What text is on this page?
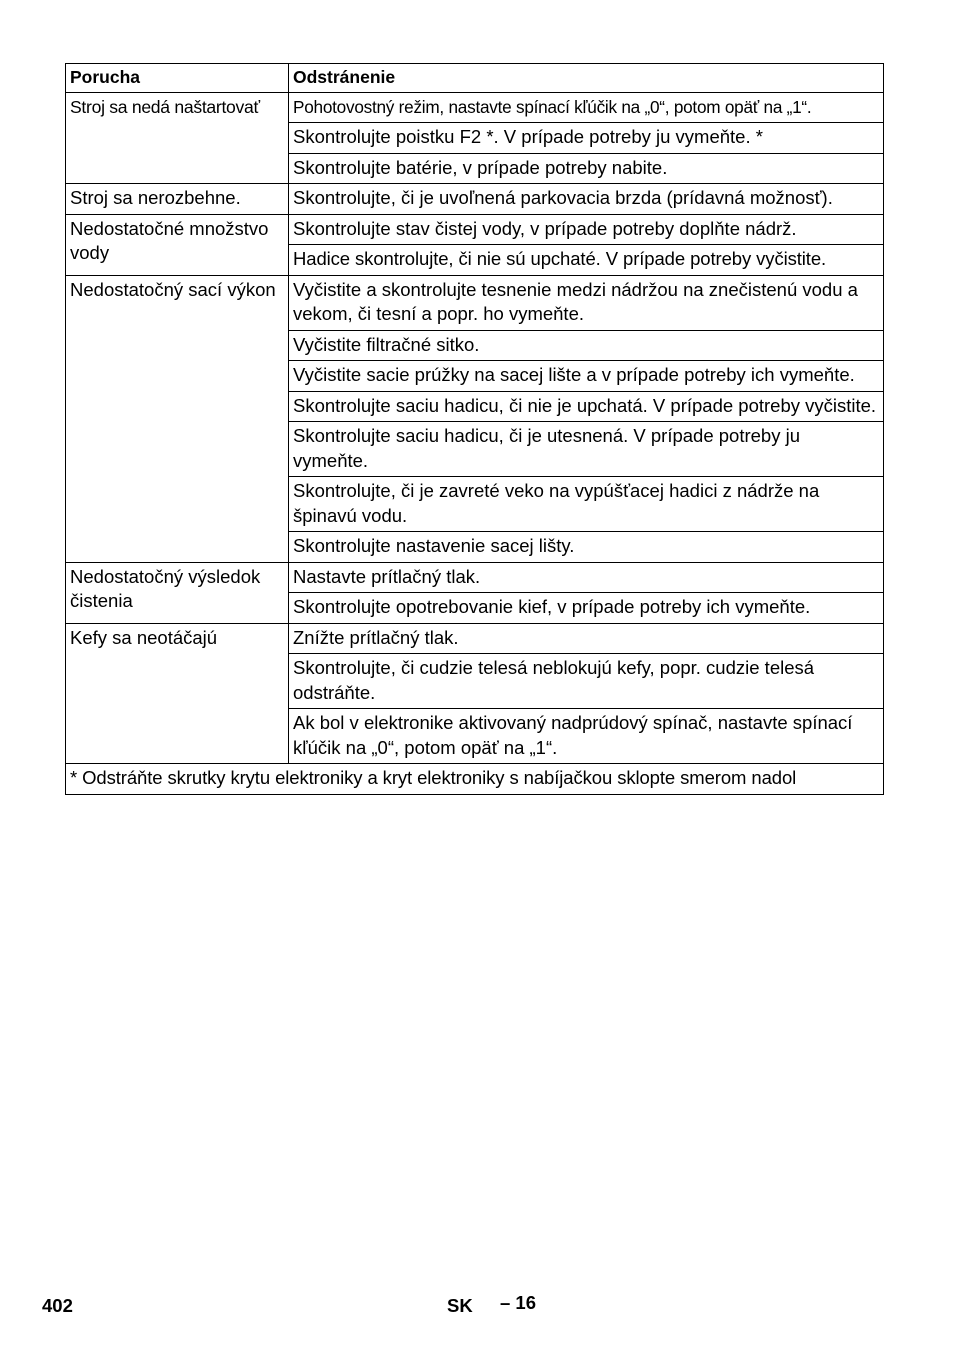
Porucha	Odstránenie
Stroj sa nedá naštartovať	Pohotovostný režim, nastavte spínací kľúčik na „0“, potom opäť na „1“.
	Skontrolujte poistku F2 *. V prípade potreby ju vymeňte. *
	Skontrolujte batérie, v prípade potreby nabite.
Stroj sa nerozbehne.	Skontrolujte, či je uvoľnená parkovacia brzda (prídavná možnosť).
Nedostatočné množstvo vody	Skontrolujte stav čistej vody, v prípade potreby doplňte nádrž.
	Hadice skontrolujte, či nie sú upchaté. V prípade potreby vyčistite.
Nedostatočný sací výkon	Vyčistite a skontrolujte tesnenie medzi nádržou na znečistenú vodu a vekom, či tesní a popr. ho vymeňte.
	Vyčistite filtračné sitko.
	Vyčistite sacie prúžky na sacej lište a v prípade potreby ich vymeňte.
	Skontrolujte saciu hadicu, či nie je upchatá. V prípade potreby vyčistite.
	Skontrolujte saciu hadicu, či je utesnená. V prípade potreby ju vymeňte.
	Skontrolujte, či je zavreté veko na vypúšťacej hadici z nádrže na špinavú vodu.
	Skontrolujte nastavenie sacej lišty.
Nedostatočný výsledok čistenia	Nastavte prítlačný tlak.
	Skontrolujte opotrebovanie kief, v prípade potreby ich vymeňte.
Kefy sa neotáčajú	Znížte prítlačný tlak.
	Skontrolujte, či cudzie telesá neblokujú kefy, popr. cudzie telesá odstráňte.
	Ak bol v elektronike aktivovaný nadprúdový spínač, nastavte spínací kľúčik na „0“, potom opäť na „1“.
* Odstráňte skrutky krytu elektroniky a kryt elektroniky s nabíjačkou sklopte smerom nadol	
402	SK – 16
